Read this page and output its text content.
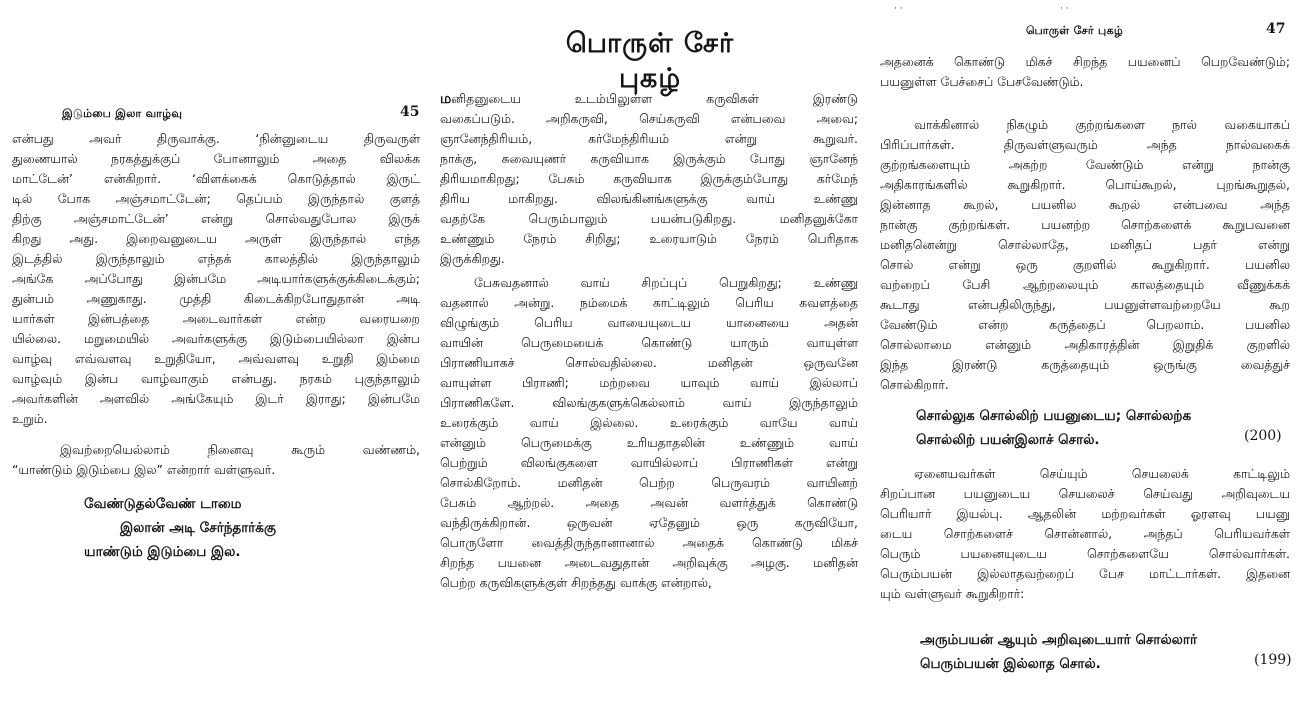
இடும்பை இலா வாழ்வு	45
என்பது அவர் திருவாக்கு. ‘நின்னுடைய திருவருள்
துணையால் நரகத்துக்குப் போனாலும் அதை விலக்க
மாட்டேன்’ என்கிறார். ‘விளக்கைக் கொடுத்தால் இருட்
டில் போக அஞ்சமாட்டேன்; தெப்பம் இருந்தால் குளத்
திற்கு அஞ்சமாட்டேன்’ என்று சொல்வதுபோல இருக்
கிறது அது. இறைவனுடைய அருள் இருந்தால் எந்த
இடத்தில் இருந்தாலும் எந்தக் காலத்தில் இருந்தாலும்
அங்கே அப்போது இன்பமே அடியார்களுக்குக்கிடைக்கும்;
துன்பம் அணுகாது. முத்தி கிடைக்கிறபோதுதான் அடி
யார்கள் இன்பத்தை அடைவார்கள் என்ற வரையறை
யில்லை. மறுமையில் அவர்களுக்கு இடும்பையில்லா இன்ப
வாழ்வு எவ்வளவு உறுதியோ, அவ்வளவு உறுதி இம்மை
வாழ்வும் இன்ப வாழ்வாகும் என்பது. நரகம் புகுந்தாலும்
அவர்களின் அளவில் அங்கேயும் இடர் இராது; இன்பமே
உறும்.
இவற்றையெல்லாம் நினைவு கூரும் வண்ணம்,
“யாண்டும் இடும்பை இல” என்றார் வள்ளுவர்.
வேண்டுதல்வேண் டாமை
இலான் அடி சேர்ந்தார்க்கு
யாண்டும் இடும்பை இல.
பொருள் சேர் புகழ்
மனிதனுடைய உடம்பிலுள்ள கருவிகள் இரண்டு
வகைப்படும். அறிகருவி, செய்கருவி என்பவை அவை;
ஞானேந்திரியம், கர்மேந்திரியம் என்று கூறுவர்.
நாக்கு, சுவையுணர் கருவியாக இருக்கும் போது ஞானேந்
திரியமாகிறது; பேசும் கருவியாக இருக்கும்போது கர்மேந்
திரிய மாகிறது. விலங்கினங்களுக்கு வாய் உண்ணு
வதற்கே பெரும்பாலும் பயன்படுகிறது. மனிதனுக்கோ
உண்ணும் நேரம் சிறிது; உரையாடும் நேரம் பெரிதாக
இருக்கிறது.
பேசுவதனால் வாய் சிறப்புப் பெறுகிறது; உண்ணு
வதனால் அன்று. நம்மைக் காட்டிலும் பெரிய கவளத்தை
விழுங்கும் பெரிய வாயையுடைய யானையை அதன்
வாயின் பெருமையைக் கொண்டு யாரும் வாயுள்ள
பிராணியாகச் சொல்வதில்லை. மனிதன் ஒருவனே
வாயுள்ள பிராணி; மற்றவை யாவும் வாய் இல்லாப்
பிராணிகளே. விலங்குகளுக்கெல்லாம் வாய் இருந்தாலும்
உரைக்கும் வாய் இல்லை. உரைக்கும் வாயே வாய்
என்னும் பெருமைக்கு உரியதாதலின் உண்ணும் வாய்
பெற்றும் விலங்குகளை வாயில்லாப் பிராணிகள் என்று
சொல்கிறோம். மனிதன் பெற்ற பெருவரம் வாயினற்
பேசும் ஆற்றல். அதை அவன் வளர்த்துக் கொண்டு
வந்திருக்கிறான். ஒருவன் ஏதேனும் ஒரு கருவியோ,
பொருளோ வைத்திருந்தானானால் அதைக் கொண்டு மிகச்
சிறந்த பயனை அடைவதுதான் அறிவுக்கு அழகு. மனிதன்
பெற்ற கருவிகளுக்குள் சிறந்தது வாக்கு என்றால்,
· ·	· ·
பொருள் சேர் புகழ்	47
அதனைக் கொண்டு மிகச் சிறந்த பயனைப் பெறவேண்டும்;
பயனுள்ள பேச்சைப் பேசவேண்டும்.
வாக்கினால் நிகழும் குற்றங்களை நால் வகையாகப்
பிரிப்பார்கள். திருவள்ளுவரும் அந்த நால்வகைக்
குற்றங்களையும் அகற்ற வேண்டும் என்று நான்கு
அதிகாரங்களில் கூறுகிறார். பொய்கூறல், புறங்கூறுதல்,
இன்னாத கூறல், பயனில கூறல் என்பவை அந்த
நான்கு குற்றங்கள். பயனற்ற சொற்களைக் கூறுபவனை
மனிதனென்று சொல்லாதே, மனிதப் பதர் என்று
சொல் என்று ஒரு குறளில் கூறுகிறார். பயனில
வற்றைப் பேசி ஆற்றலையும் காலத்தையும் வீணுக்கக்
கூடாது என்பதிலிருந்து, பயனுள்ளவற்றையே கூற
வேண்டும் என்ற கருத்தைப் பெறலாம். பயனில
சொல்லாமை என்னும் அதிகாரத்தின் இறுதிக் குறளில்
இந்த இரண்டு கருத்தையும் ஒருங்கு வைத்துச்
சொல்கிறார்.
சொல்லுக சொல்லிற் பயனுடைய; சொல்லற்க
சொல்லிற் பயன்இலாச் சொல்.	(200)
ஏனையவர்கள் செய்யும் செயலைக் காட்டிலும்
சிறப்பான பயனுடைய செயலைச் செய்வது அறிவுடைய
பெரியார் இயல்பு. ஆதலின் மற்றவர்கள் ஓரளவு பயனு
டைய சொற்களைச் சொன்னால், அந்தப் பெரியவர்கள்
பெரும் பயனையுடைய சொற்களையே சொல்வார்கள்.
பெரும்பயன் இல்லாதவற்றைப் பேச மாட்டார்கள். இதனை
யும் வள்ளுவர் கூறுகிறார்:
அரும்பயன் ஆயும் அறிவுடையார் சொல்லார்
பெரும்பயன் இல்லாத சொல்.	(199)
